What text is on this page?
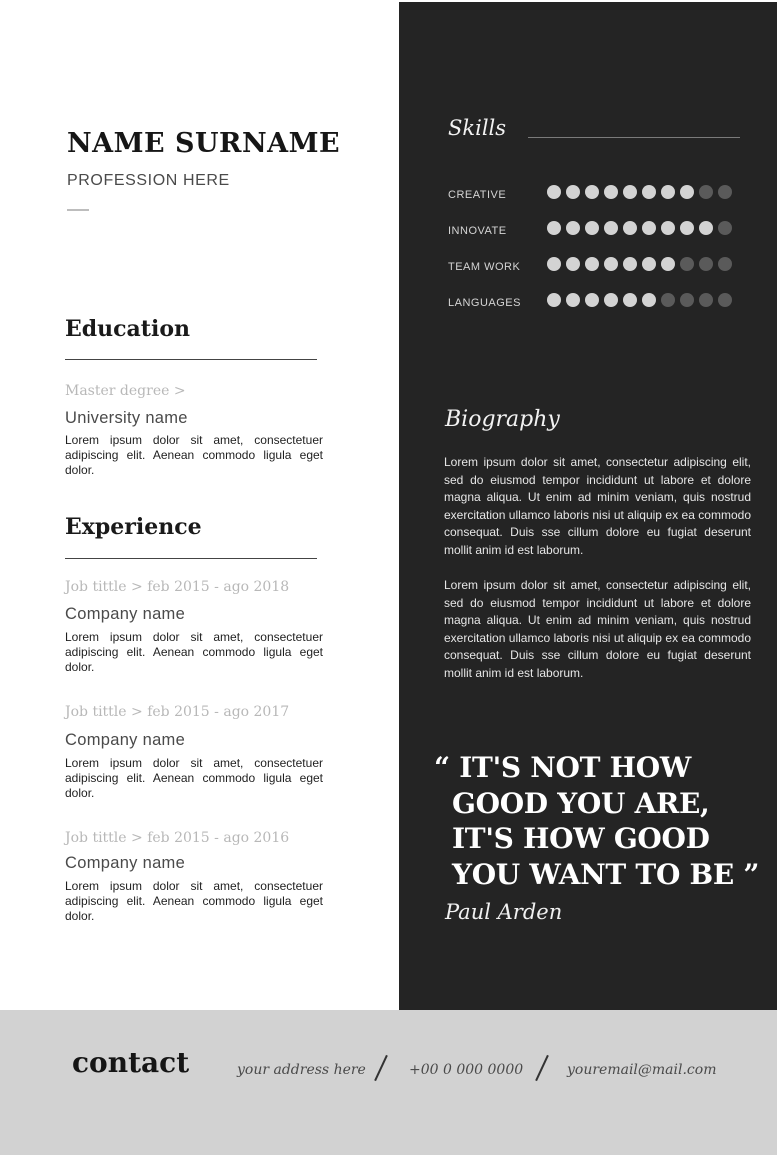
NAME SURNAME
PROFESSION HERE
Education
Master degree >
University name
Lorem ipsum dolor sit amet, consectetuer adipiscing elit. Aenean commodo ligula eget dolor.
Experience
Job tittle > feb 2015 - ago 2018
Company name
Lorem ipsum dolor sit amet, consectetuer adipiscing elit. Aenean commodo ligula eget dolor.
Job tittle > feb 2015 - ago 2017
Company name
Lorem ipsum dolor sit amet, consectetuer adipiscing elit. Aenean commodo ligula eget dolor.
Job tittle > feb 2015 - ago 2016
Company name
Lorem ipsum dolor sit amet, consectetuer adipiscing elit. Aenean commodo ligula eget dolor.
Skills
CREATIVE
INNOVATE
TEAM WORK
LANGUAGES
Biography
Lorem ipsum dolor sit amet, consectetur adipiscing elit, sed do eiusmod tempor incididunt ut labore et dolore magna aliqua. Ut enim ad minim veniam, quis nostrud exercitation ullamco laboris nisi ut aliquip ex ea commodo consequat. Duis sse cillum dolore eu fugiat deserunt mollit anim id est laborum.
Lorem ipsum dolor sit amet, consectetur adipiscing elit, sed do eiusmod tempor incididunt ut labore et dolore magna aliqua. Ut enim ad minim veniam, quis nostrud exercitation ullamco laboris nisi ut aliquip ex ea commodo consequat. Duis sse cillum dolore eu fugiat deserunt mollit anim id est laborum.
“ IT'S NOT HOW
GOOD YOU ARE,
IT'S HOW GOOD
YOU WANT TO BE ”
Paul Arden
contact	your address here	+00 0 000 0000	youremail@mail.com
